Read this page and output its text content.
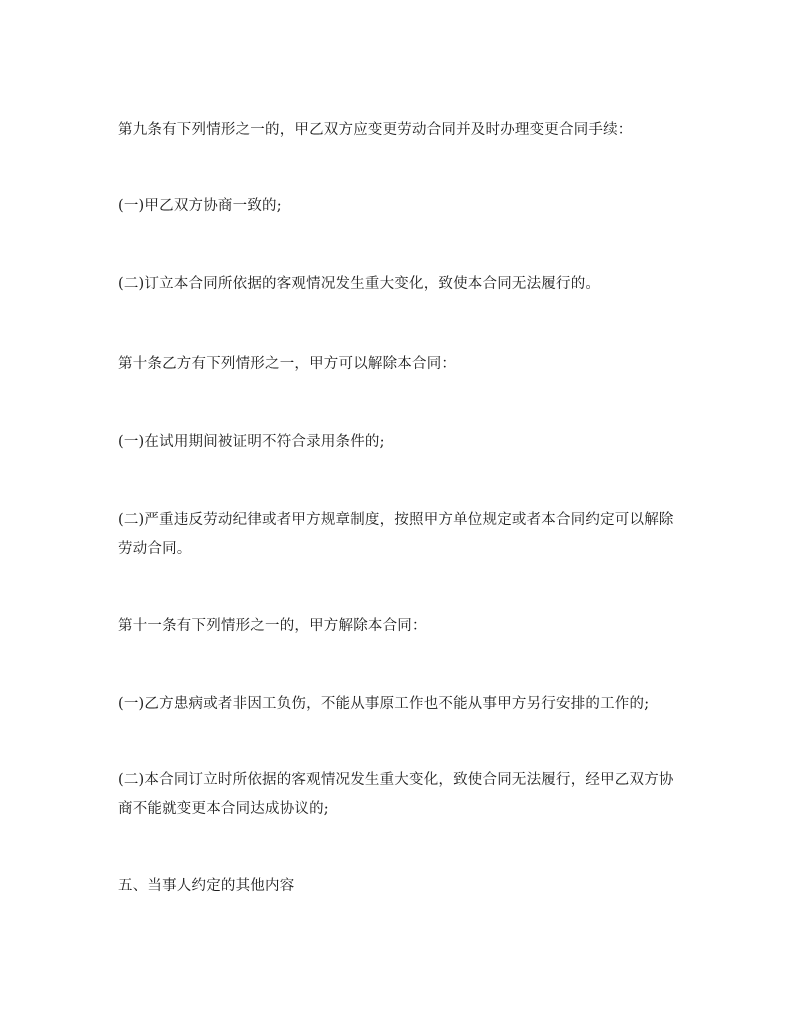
第九条有下列情形之一的，甲乙双方应变更劳动合同并及时办理变更合同手续：

(一)甲乙双方协商一致的;

(二)订立本合同所依据的客观情况发生重大变化，致使本合同无法履行的。

第十条乙方有下列情形之一，甲方可以解除本合同：

(一)在试用期间被证明不符合录用条件的;

(二)严重违反劳动纪律或者甲方规章制度，按照甲方单位规定或者本合同约定可以解除劳动合同。

第十一条有下列情形之一的，甲方解除本合同：

(一)乙方患病或者非因工负伤，不能从事原工作也不能从事甲方另行安排的工作的;

(二)本合同订立时所依据的客观情况发生重大变化，致使合同无法履行，经甲乙双方协商不能就变更本合同达成协议的;

五、当事人约定的其他内容
